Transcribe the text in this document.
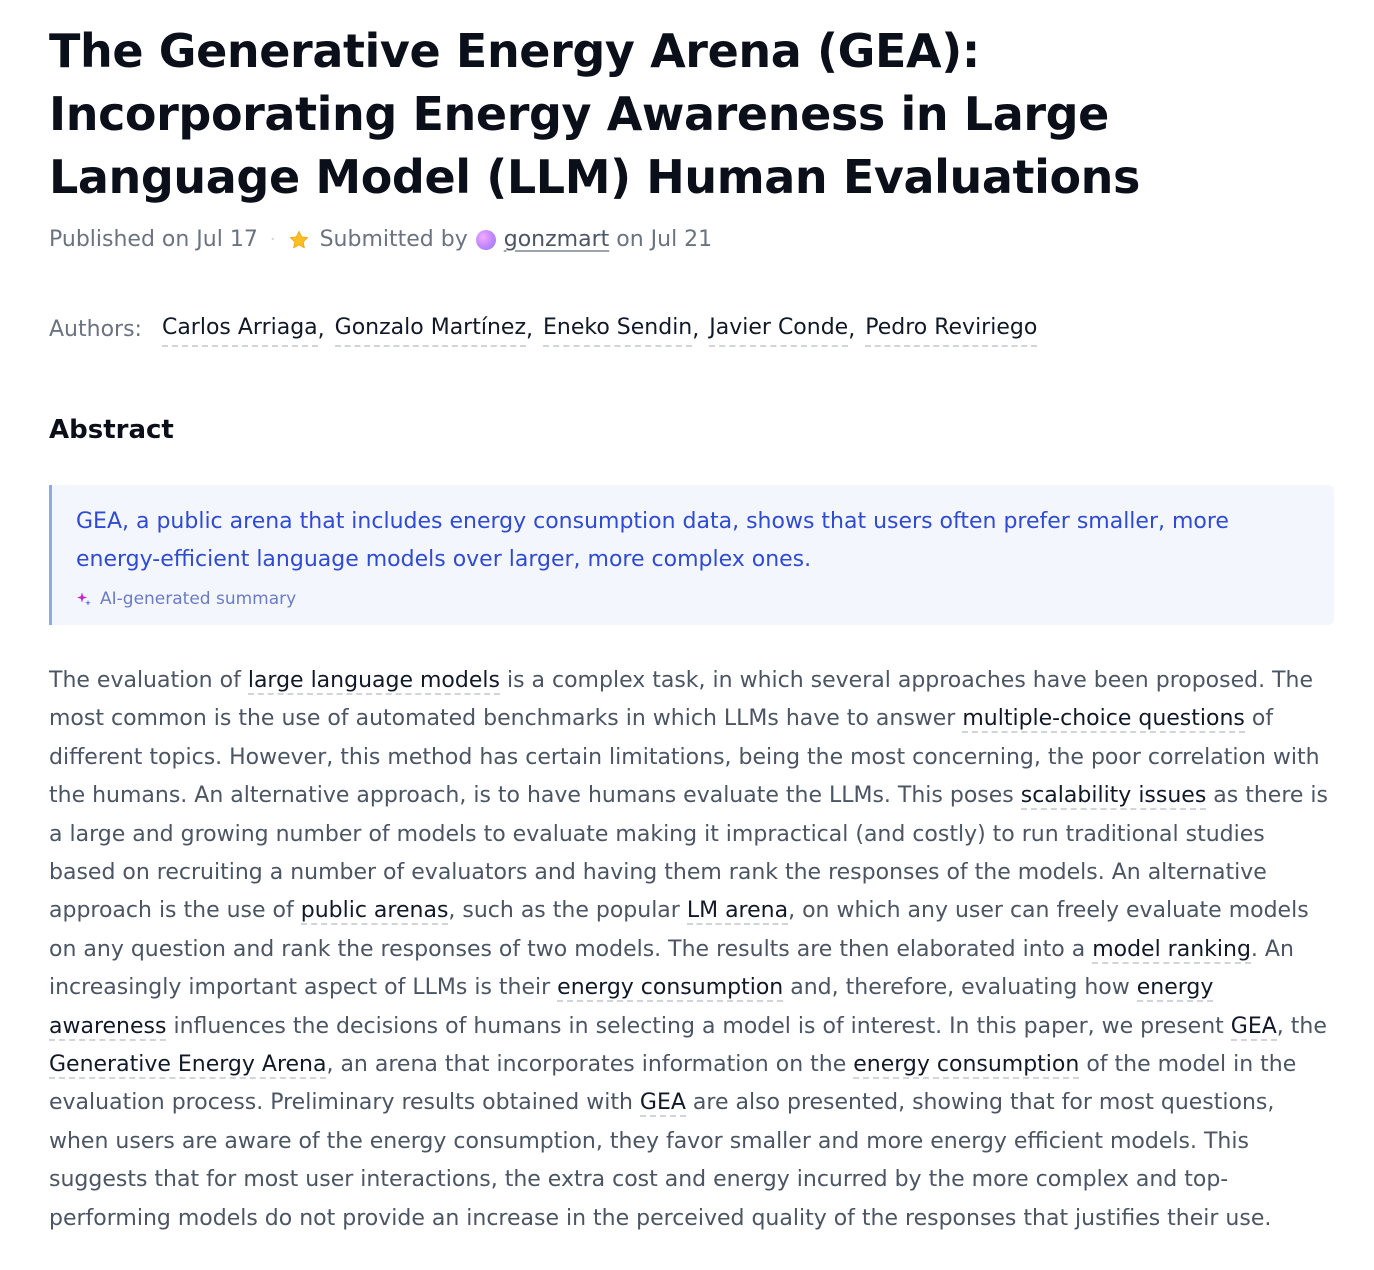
The Generative Energy Arena (GEA): Incorporating Energy Awareness in Large Language Model (LLM) Human Evaluations
Published on Jul 17 · Submitted by gonzmart on Jul 21
Authors: Carlos Arriaga , Gonzalo Martínez , Eneko Sendin , Javier Conde , Pedro Reviriego
Abstract

GEA, a public arena that includes energy consumption data, shows that users often prefer smaller, more energy-efficient language models over larger, more complex ones.

AI-generated summary

The evaluation of large language models is a complex task, in which several approaches have been proposed. The most common is the use of automated benchmarks in which LLMs have to answer multiple-choice questions of different topics. However, this method has certain limitations, being the most concerning, the poor correlation with the humans. An alternative approach, is to have humans evaluate the LLMs. This poses scalability issues as there is a large and growing number of models to evaluate making it impractical (and costly) to run traditional studies based on recruiting a number of evaluators and having them rank the responses of the models. An alternative approach is the use of public arenas, such as the popular LM arena, on which any user can freely evaluate models on any question and rank the responses of two models. The results are then elaborated into a model ranking. An increasingly important aspect of LLMs is their energy consumption and, therefore, evaluating how energy awareness influences the decisions of humans in selecting a model is of interest. In this paper, we present GEA, the Generative Energy Arena, an arena that incorporates information on the energy consumption of the model in the evaluation process. Preliminary results obtained with GEA are also presented, showing that for most questions, when users are aware of the energy consumption, they favor smaller and more energy efficient models. This suggests that for most user interactions, the extra cost and energy incurred by the more complex and top-performing models do not provide an increase in the perceived quality of the responses that justifies their use.
